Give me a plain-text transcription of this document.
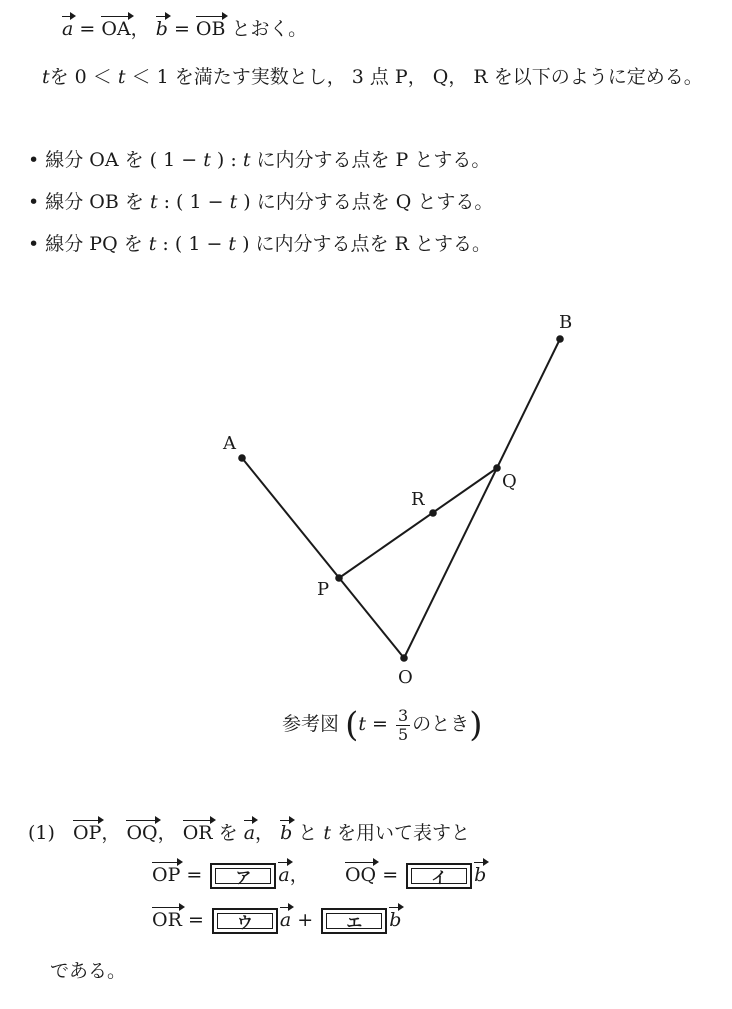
a = OA， b = OB とおく。
tを 0 ＜ t ＜ 1 を満たす実数とし， 3 点 P， Q， R を以下のように定める。
• 線分 OA を ( 1 − t ) : t に内分する点を P とする。
• 線分 OB を t : ( 1 − t ) に内分する点を Q とする。
• 線分 PQ を t : ( 1 − t ) に内分する点を R とする。
O
A
B
P
Q
R
参考図 ($t = \frac{3}{5}$ のとき)
(1) OP， OQ， OR を a， b と t を用いて表すと
OP =	ア	a， OQ =	イ	b
OR =	ウ	a +	エ	b
である。
